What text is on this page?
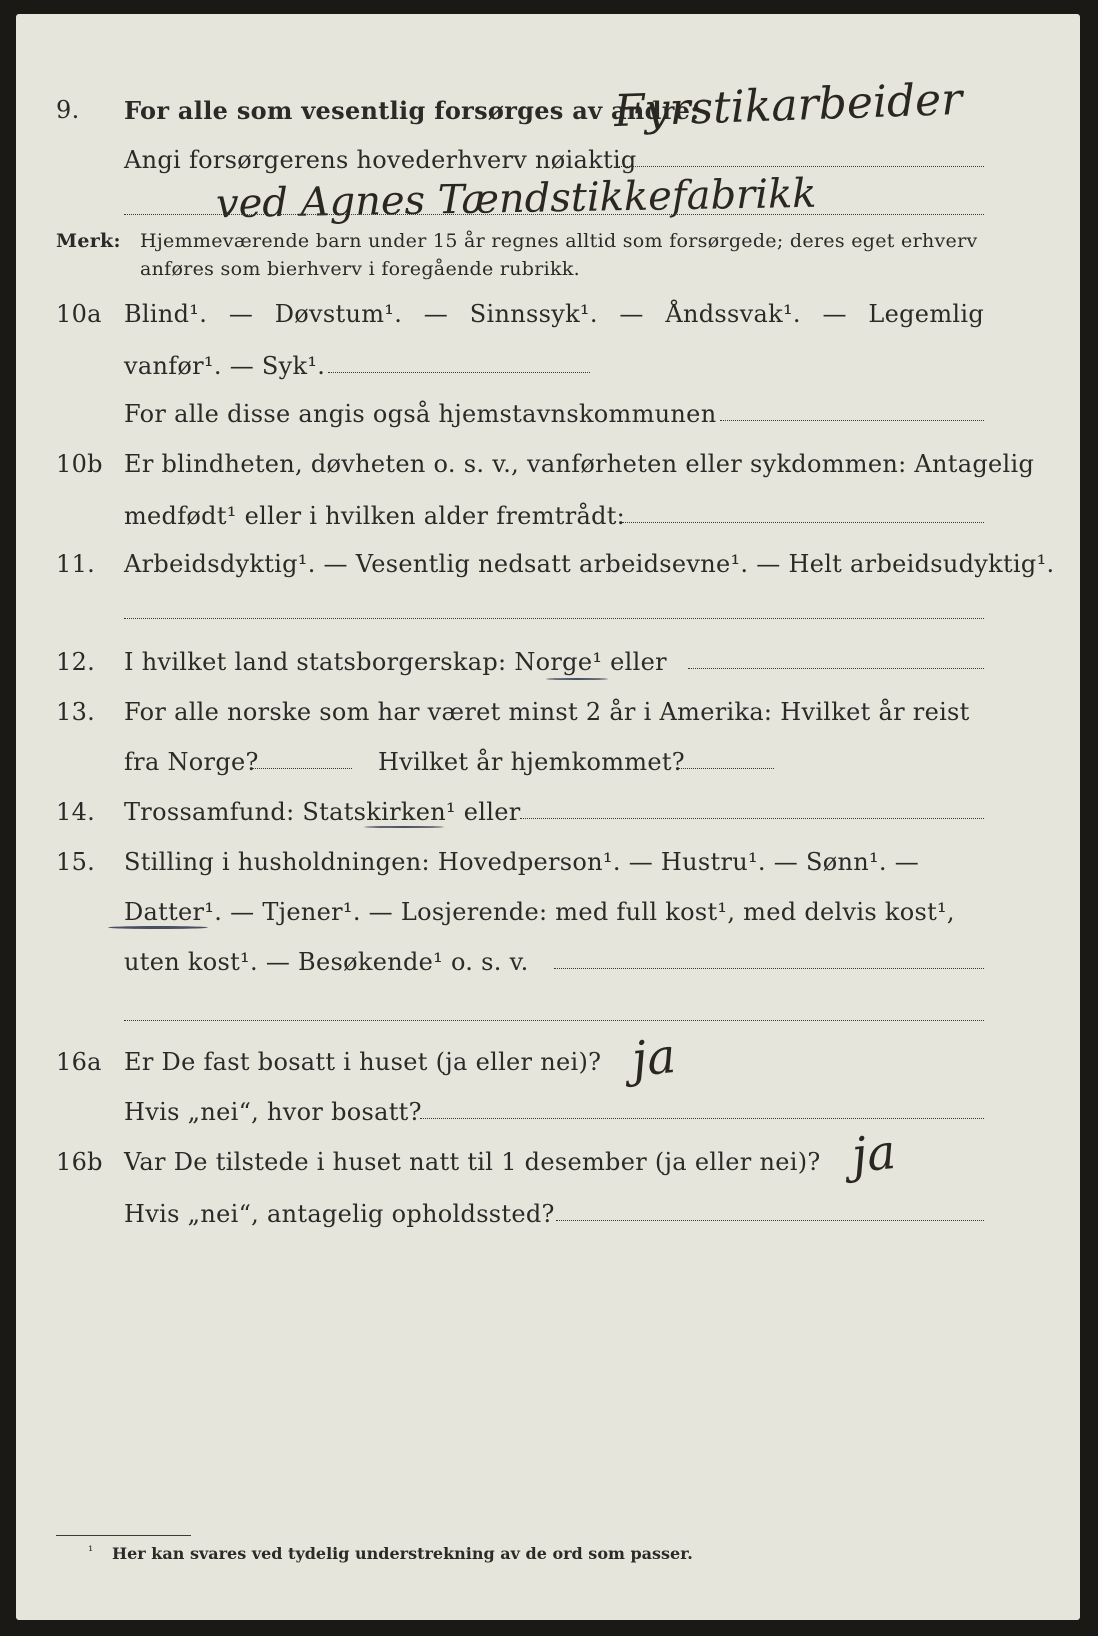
9. For alle som vesentlig forsørges av andre:
Fyrstikarbeider
Angi forsørgerens hovederhverv nøiaktig
ved Agnes Tændstikkefabrikk
Merk: Hjemmeværende barn under 15 år regnes alltid som forsørgede; deres eget erhverv
anføres som bierhverv i foregående rubrikk.
10a Blind¹. — Døvstum¹. — Sinnssyk¹. — Åndssvak¹. — Legemlig
vanfør¹. — Syk¹.
For alle disse angis også hjemstavnskommunen
10b Er blindheten, døvheten o. s. v., vanførheten eller sykdommen: Antagelig
medfødt¹ eller i hvilken alder fremtrådt:
11. Arbeidsdyktig¹. — Vesentlig nedsatt arbeidsevne¹. — Helt arbeidsudyktig¹.
12. I hvilket land statsborgerskap: Norge¹ eller
13. For alle norske som har været minst 2 år i Amerika: Hvilket år reist
fra Norge?	Hvilket år hjemkommet?
14. Trossamfund: Statskirken¹ eller
15. Stilling i husholdningen: Hovedperson¹. — Hustru¹. — Sønn¹. —
Datter¹. — Tjener¹. — Losjerende: med full kost¹, med delvis kost¹,
uten kost¹. — Besøkende¹ o. s. v.
16a Er De fast bosatt i huset (ja eller nei)? ja
Hvis „nei“, hvor bosatt?
16b Var De tilstede i huset natt til 1 desember (ja eller nei)? ja
Hvis „nei“, antagelig opholdssted?
¹ Her kan svares ved tydelig understrekning av de ord som passer.
